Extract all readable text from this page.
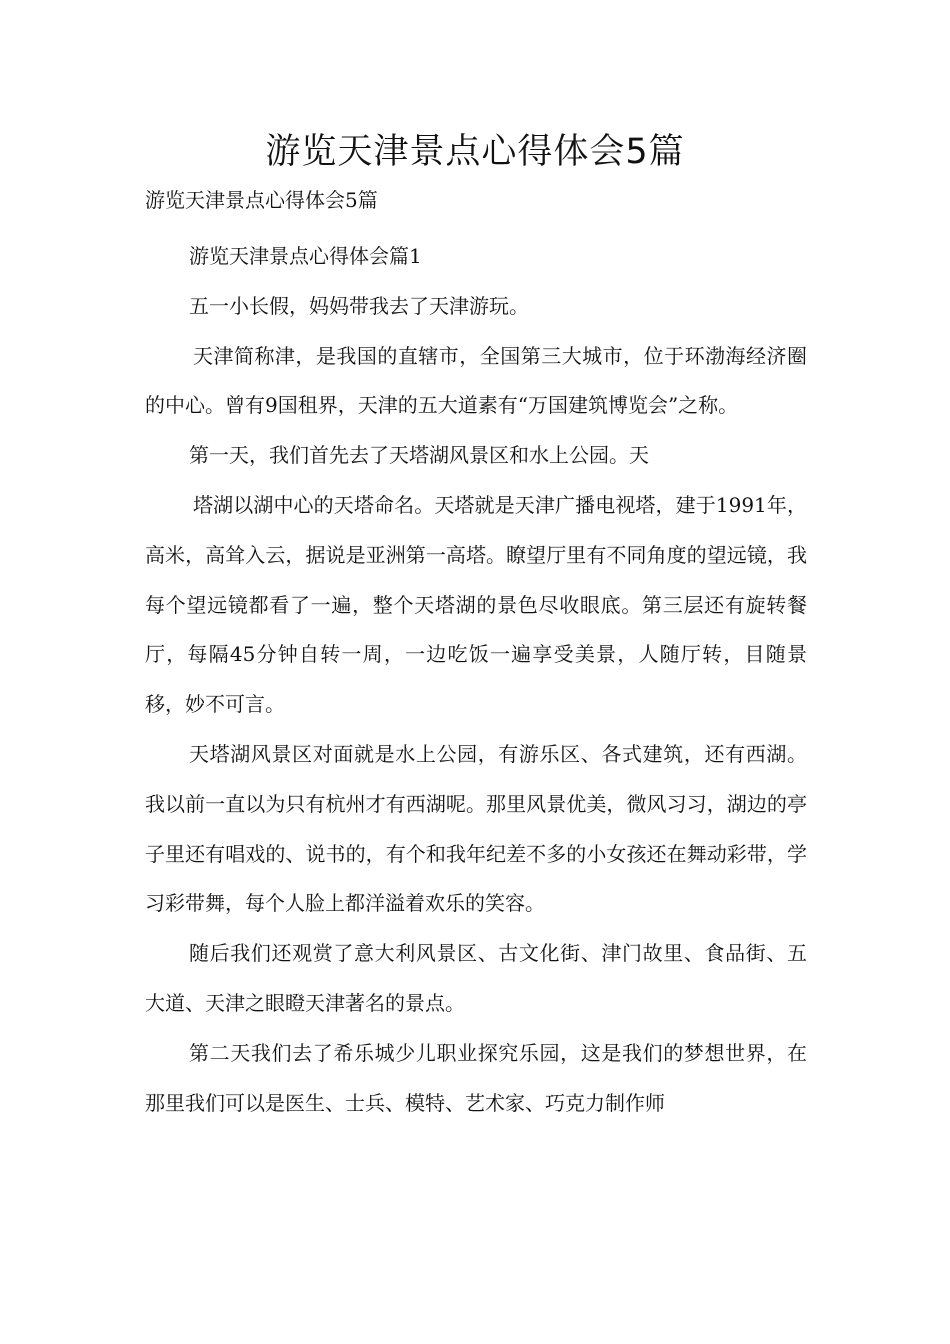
游览天津景点心得体会5篇

游览天津景点心得体会5篇

游览天津景点心得体会篇1

五一小长假，妈妈带我去了天津游玩。

天津简称津，是我国的直辖市，全国第三大城市，位于环渤海经济圈的中心。曾有9国租界，天津的五大道素有“万国建筑博览会”之称。

第一天，我们首先去了天塔湖风景区和水上公园。天

塔湖以湖中心的天塔命名。天塔就是天津广播电视塔，建于1991年，高米，高耸入云，据说是亚洲第一高塔。瞭望厅里有不同角度的望远镜，我每个望远镜都看了一遍，整个天塔湖的景色尽收眼底。第三层还有旋转餐厅，每隔45分钟自转一周，一边吃饭一遍享受美景，人随厅转，目随景移，妙不可言。

天塔湖风景区对面就是水上公园，有游乐区、各式建筑，还有西湖。我以前一直以为只有杭州才有西湖呢。那里风景优美，微风习习，湖边的亭子里还有唱戏的、说书的，有个和我年纪差不多的小女孩还在舞动彩带，学习彩带舞，每个人脸上都洋溢着欢乐的笑容。

随后我们还观赏了意大利风景区、古文化街、津门故里、食品街、五大道、天津之眼瞪天津著名的景点。

第二天我们去了希乐城少儿职业探究乐园，这是我们的梦想世界，在那里我们可以是医生、士兵、模特、艺术家、巧克力制作师
